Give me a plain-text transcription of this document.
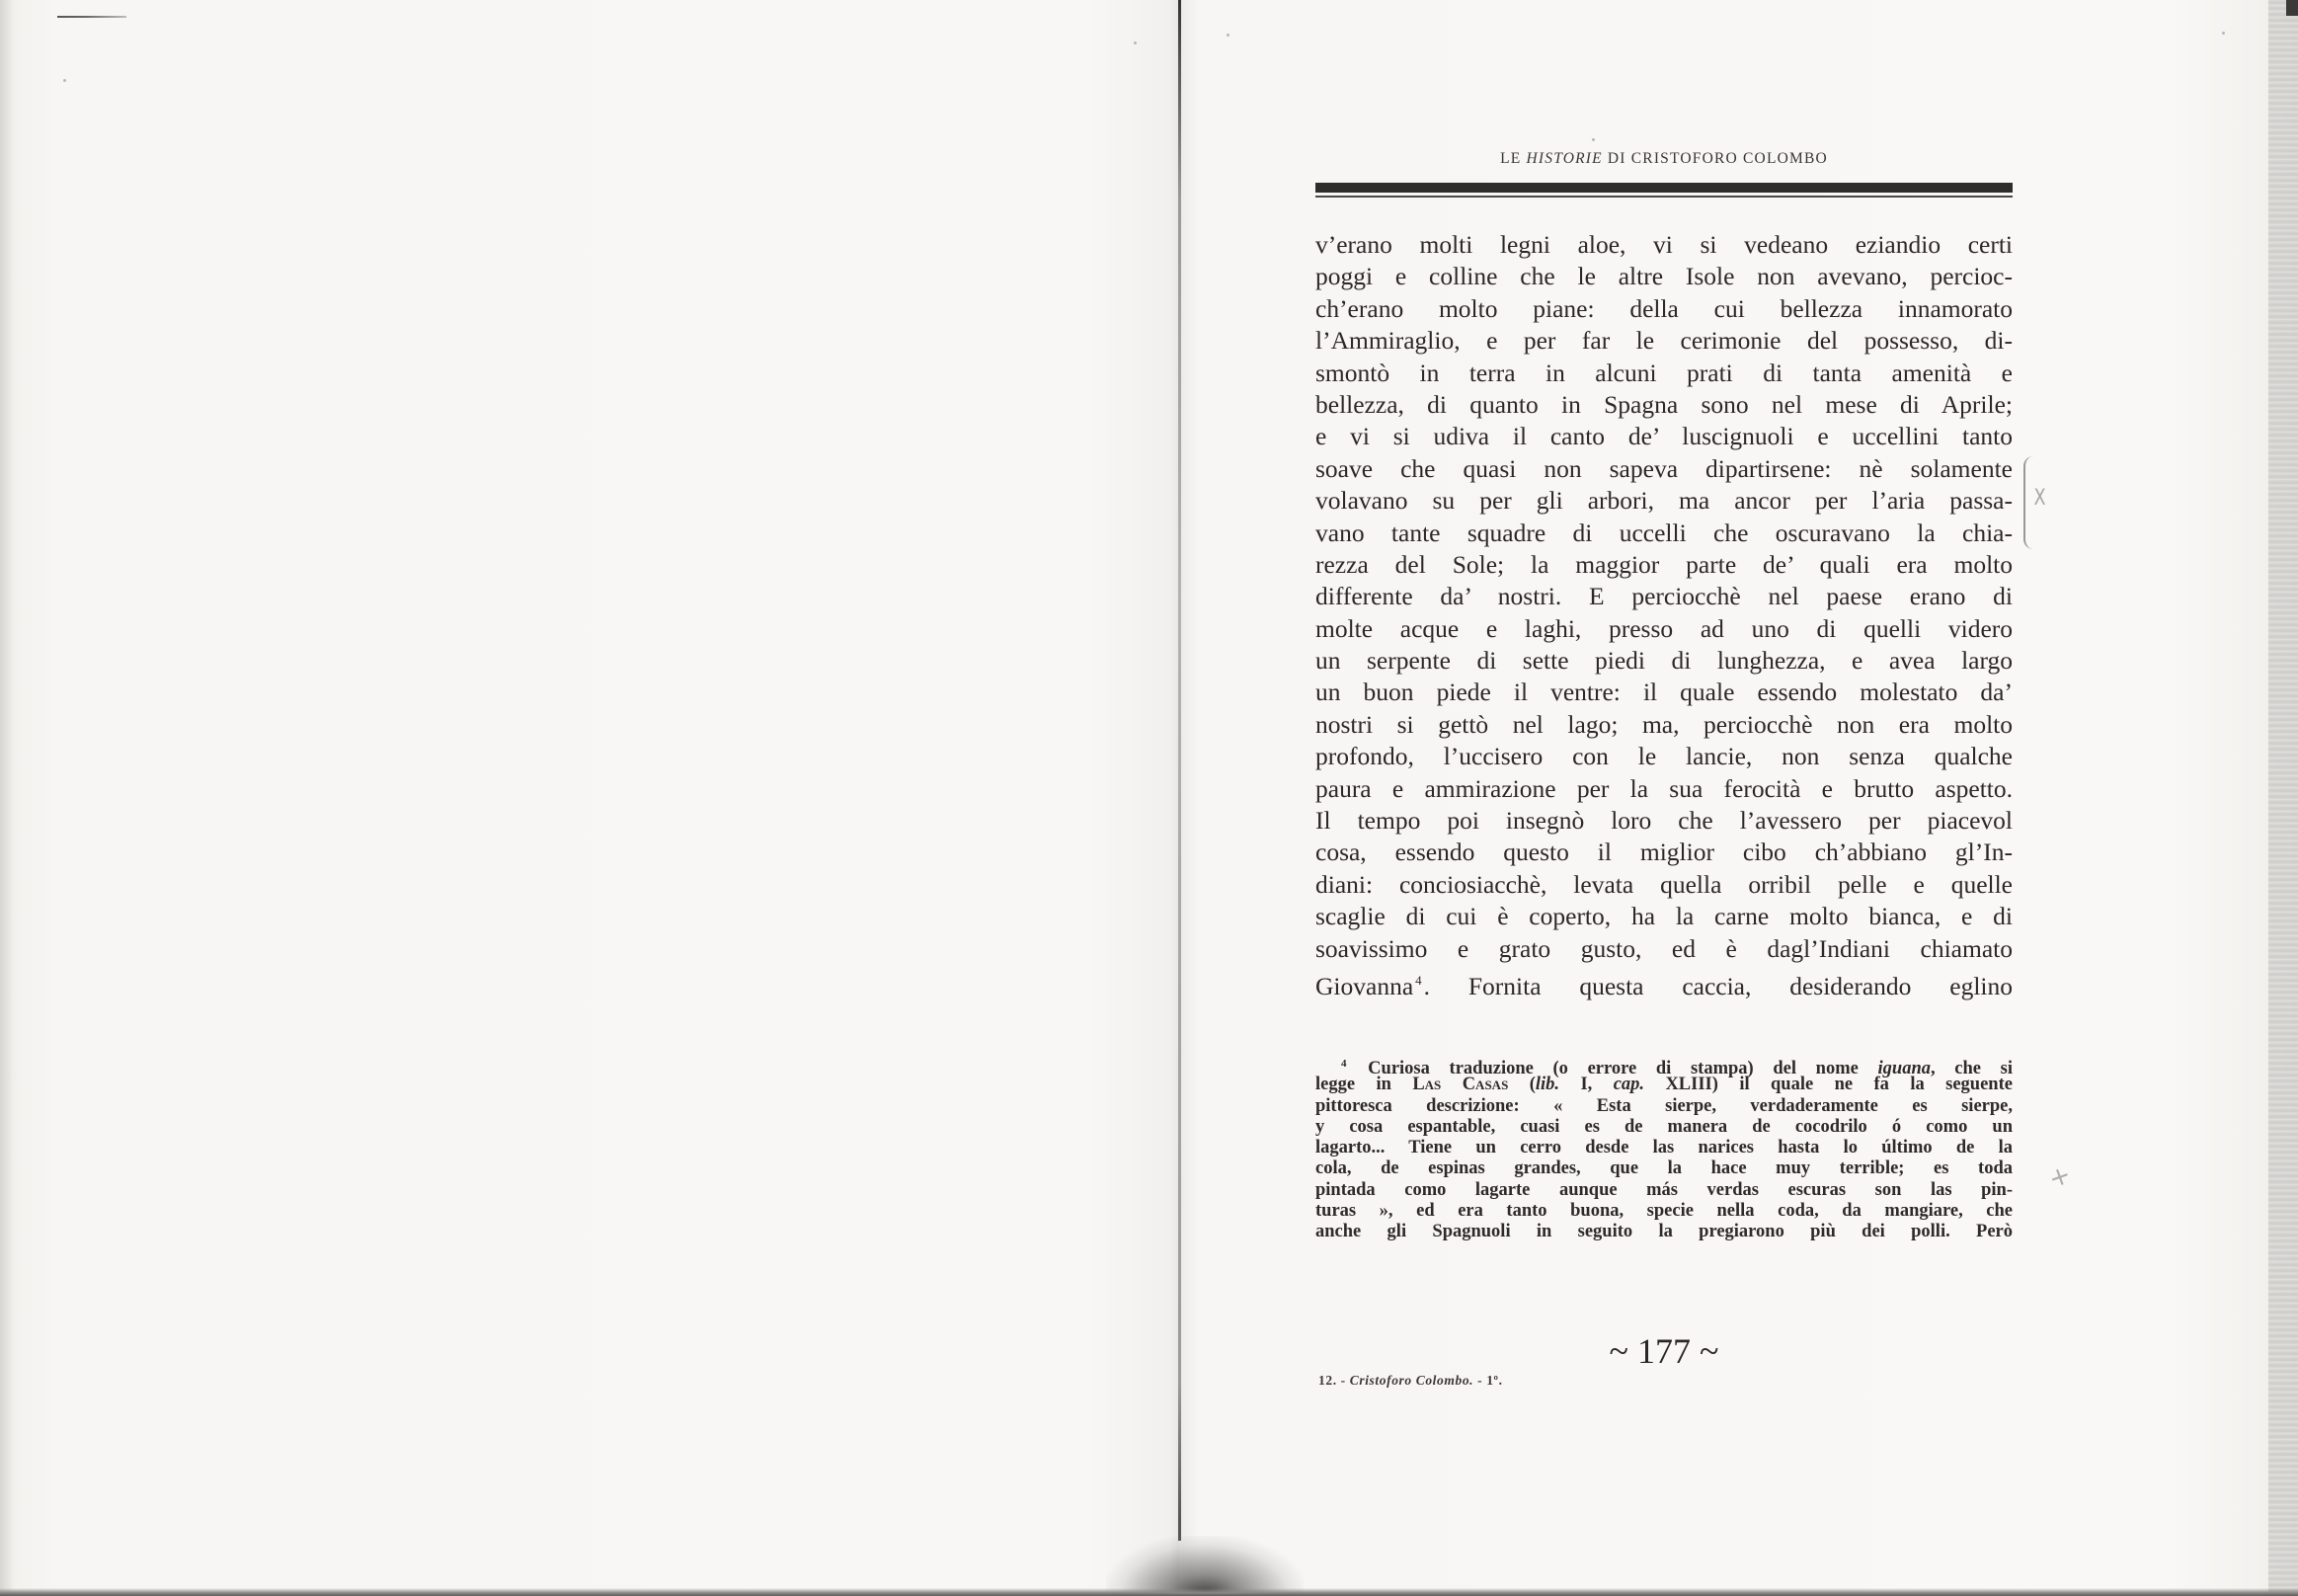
LE HISTORIE DI CRISTOFORO COLOMBO
v’erano molti legni aloe, vi si vedeano eziandio certi
poggi e colline che le altre Isole non avevano, percioc-
ch’erano molto piane: della cui bellezza innamorato
l’Ammiraglio, e per far le cerimonie del possesso, di-
smontò in terra in alcuni prati di tanta amenità e
bellezza, di quanto in Spagna sono nel mese di Aprile;
e vi si udiva il canto de’ luscignuoli e uccellini tanto
soave che quasi non sapeva dipartirsene: nè solamente
volavano su per gli arbori, ma ancor per l’aria passa-
vano tante squadre di uccelli che oscuravano la chia-
rezza del Sole; la maggior parte de’ quali era molto
differente da’ nostri. E perciocchè nel paese erano di
molte acque e laghi, presso ad uno di quelli videro
un serpente di sette piedi di lunghezza, e avea largo
un buon piede il ventre: il quale essendo molestato da’
nostri si gettò nel lago; ma, perciocchè non era molto
profondo, l’uccisero con le lancie, non senza qualche
paura e ammirazione per la sua ferocità e brutto aspetto.
Il tempo poi insegnò loro che l’avessero per piacevol
cosa, essendo questo il miglior cibo ch’abbiano gl’In-
diani: conciosiacchè, levata quella orribil pelle e quelle
scaglie di cui è coperto, ha la carne molto bianca, e di
soavissimo e grato gusto, ed è dagl’Indiani chiamato
Giovanna $^4$. Fornita questa caccia, desiderando eglino
$^4$ Curiosa traduzione (o errore di stampa) del nome iguana, che si
legge in Las Casas (lib. I, cap. XLIII) il quale ne fa la seguente
pittoresca descrizione: « Esta sierpe, verdaderamente es sierpe,
y cosa espantable, cuasi es de manera de cocodrilo ó como un
lagarto... Tiene un cerro desde las narices hasta lo último de la
cola, de espinas grandes, que la hace muy terrible; es toda
pintada como lagarte aunque más verdas escuras son las pin-
turas », ed era tanto buona, specie nella coda, da mangiare, che
anche gli Spagnuoli in seguito la pregiarono più dei polli. Però
~ 177 ~
12. - Cristoforo Colombo. - 1º.
X
+
